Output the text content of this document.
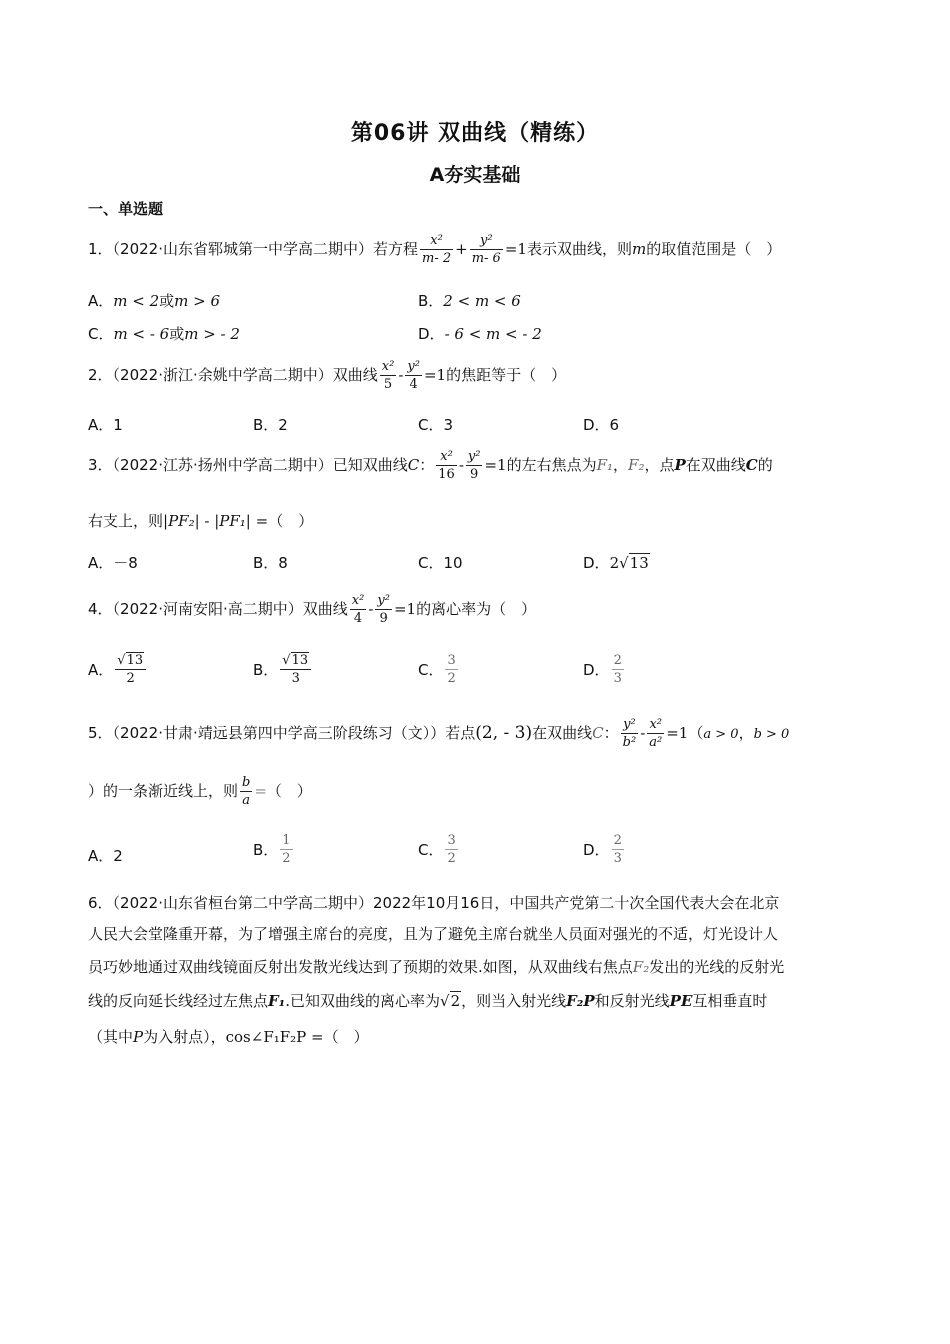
第06讲 双曲线（精练）
A夯实基础
一、单选题
1．（2022·山东省郓城第一中学高二期中）若方程 $\frac{\text{x²}}{m- 2} + \frac{\text{y²}}{m- 6} =1$表示双曲线，则m的取值范围是（　）
A．m < 2或m > 6	B．2 < m < 6
C．m < - 6或m > - 2	D．- 6 < m < - 2
2．（2022·浙江·余姚中学高二期中）双曲线 $\frac{\text{x²}}{5} - \frac{\text{y²}}{4} =1$的焦距等于（　）
A．1	B．2	C．3	D．6
3．（2022·江苏·扬州中学高二期中）已知双曲线C： $\frac{\text{x²}}{16} - \frac{\text{y²}}{9} =1$的左右焦点为F₁，F₂，点P在双曲线C的
右支上，则|PF₂| - |PF₁| =（　）
A．－8	B．8	C．10	D．2√13
4．（2022·河南安阳·高二期中）双曲线 $\frac{\text{x²}}{4} - \frac{\text{y²}}{9} =1$的离心率为（　）
A． $\frac{√13}{2}$	B． $\frac{√13}{3}$	C． $\frac{3}{2}$	D． $\frac{2}{3}$
5．（2022·甘肃·靖远县第四中学高三阶段练习（文））若点(2, - 3)在双曲线C： $\frac{\text{y²}}{\text{b²}} - \frac{\text{x²}}{\text{a²}} =1(a > 0$，b > 0
）的一条渐近线上，则 $\frac{b}{a}$ =（　）
A．2	B． $\frac{1}{2}$	C． $\frac{3}{2}$	D． $\frac{2}{3}$
6．（2022·山东省桓台第二中学高二期中）2022年10月16日，中国共产党第二十次全国代表大会在北京
人民大会堂隆重开幕，为了增强主席台的亮度，且为了避免主席台就坐人员面对强光的不适，灯光设计人
员巧妙地通过双曲线镜面反射出发散光线达到了预期的效果.如图，从双曲线右焦点F₂发出的光线的反射光
线的反向延长线经过左焦点F₁.已知双曲线的离心率为√2，则当入射光线F₂P和反射光线PE互相垂直时
（其中P为入射点），cos∠F₁F₂P =（　）
